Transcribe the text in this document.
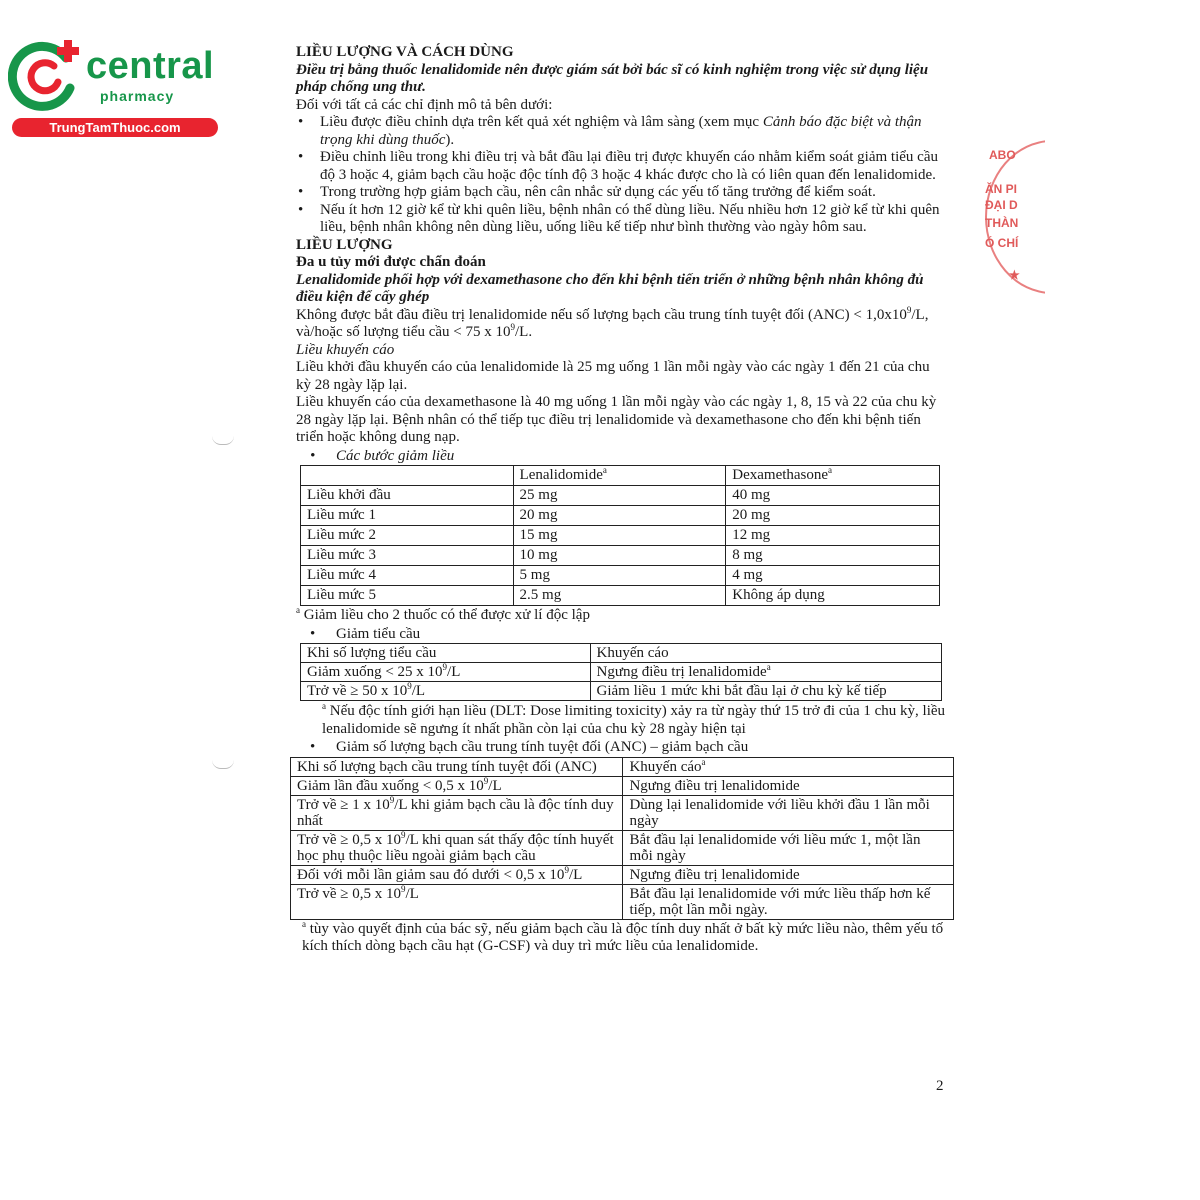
central
pharmacy
TrungTamThuoc.com
ABO
ĂN PI
ĐẠI D
THÀN
Ó CHÍ
★

LIỀU LƯỢNG VÀ CÁCH DÙNG

Điều trị bằng thuốc lenalidomide nên được giám sát bởi bác sĩ có kinh nghiệm trong việc sử dụng liệu pháp chống ung thư.

Đối với tất cả các chỉ định mô tả bên dưới:

• Liều được điều chỉnh dựa trên kết quả xét nghiệm và lâm sàng (xem mục Cảnh báo đặc biệt và thận trọng khi dùng thuốc).
• Điều chỉnh liều trong khi điều trị và bắt đầu lại điều trị được khuyến cáo nhằm kiểm soát giảm tiểu cầu độ 3 hoặc 4, giảm bạch cầu hoặc độc tính độ 3 hoặc 4 khác được cho là có liên quan đến lenalidomide.
• Trong trường hợp giảm bạch cầu, nên cân nhắc sử dụng các yếu tố tăng trưởng để kiểm soát.
• Nếu ít hơn 12 giờ kể từ khi quên liều, bệnh nhân có thể dùng liều. Nếu nhiều hơn 12 giờ kể từ khi quên liều, bệnh nhân không nên dùng liều, uống liều kế tiếp như bình thường vào ngày hôm sau.

LIỀU LƯỢNG

Đa u tủy mới được chẩn đoán

Lenalidomide phối hợp với dexamethasone cho đến khi bệnh tiến triển ở những bệnh nhân không đủ điều kiện để cấy ghép

Không được bắt đầu điều trị lenalidomide nếu số lượng bạch cầu trung tính tuyệt đối $(ANC) < 1,0x10^9/L$, và/hoặc số lượng tiểu cầu < 75 x $10^9/L$.

Liều khuyến cáo

Liều khởi đầu khuyến cáo của lenalidomide là 25 mg uống 1 lần mỗi ngày vào các ngày 1 đến 21 của chu kỳ 28 ngày lặp lại.

Liều khuyến cáo của dexamethasone là 40 mg uống 1 lần mỗi ngày vào các ngày 1, 8, 15 và 22 của chu kỳ 28 ngày lặp lại. Bệnh nhân có thể tiếp tục điều trị lenalidomide và dexamethasone cho đến khi bệnh tiến triển hoặc không dung nạp.

• Các bước giảm liều

	Lenalidomide$^a$	Dexamethasone$^a$
Liều khởi đầu	25 mg	40 mg
Liều mức 1	20 mg	20 mg
Liều mức 2	15 mg	12 mg
Liều mức 3	10 mg	8 mg
Liều mức 4	5 mg	4 mg
Liều mức 5	2.5 mg	Không áp dụng

$^a$ Giảm liều cho 2 thuốc có thể được xử lí độc lập

• Giảm tiểu cầu

Khi số lượng tiểu cầu	Khuyến cáo
Giảm xuống < 25 x $10^9/L$	Ngưng điều trị lenalidomide$^a$
Trở về ≥ 50 x $10^9/L$	Giảm liều 1 mức khi bắt đầu lại ở chu kỳ kế tiếp

$^a$ Nếu độc tính giới hạn liều (DLT: Dose limiting toxicity) xảy ra từ ngày thứ 15 trở đi của 1 chu kỳ, liều lenalidomide sẽ ngưng ít nhất phần còn lại của chu kỳ 28 ngày hiện tại

• Giảm số lượng bạch cầu trung tính tuyệt đối (ANC) – giảm bạch cầu

Khi số lượng bạch cầu trung tính tuyệt đối (ANC)	Khuyến cáo$^a$
Giảm lần đầu xuống < 0,5 x $10^9/L$	Ngưng điều trị lenalidomide
Trở về ≥ 1 x $10^9/L$ khi giảm bạch cầu là độc tính duy nhất	Dùng lại lenalidomide với liều khởi đầu 1 lần mỗi ngày
Trở về ≥ 0,5 x $10^9/L$ khi quan sát thấy độc tính huyết học phụ thuộc liều ngoài giảm bạch cầu	Bắt đầu lại lenalidomide với liều mức 1, một lần mỗi ngày
Đối với mỗi lần giảm sau đó dưới < 0,5 x $10^9/L$	Ngưng điều trị lenalidomide
Trở về ≥ 0,5 x $10^9/L$	Bắt đầu lại lenalidomide với mức liều thấp hơn kế tiếp, một lần mỗi ngày.

$^a$ tùy vào quyết định của bác sỹ, nếu giảm bạch cầu là độc tính duy nhất ở bất kỳ mức liều nào, thêm yếu tố kích thích dòng bạch cầu hạt (G-CSF) và duy trì mức liều của lenalidomide.

2
